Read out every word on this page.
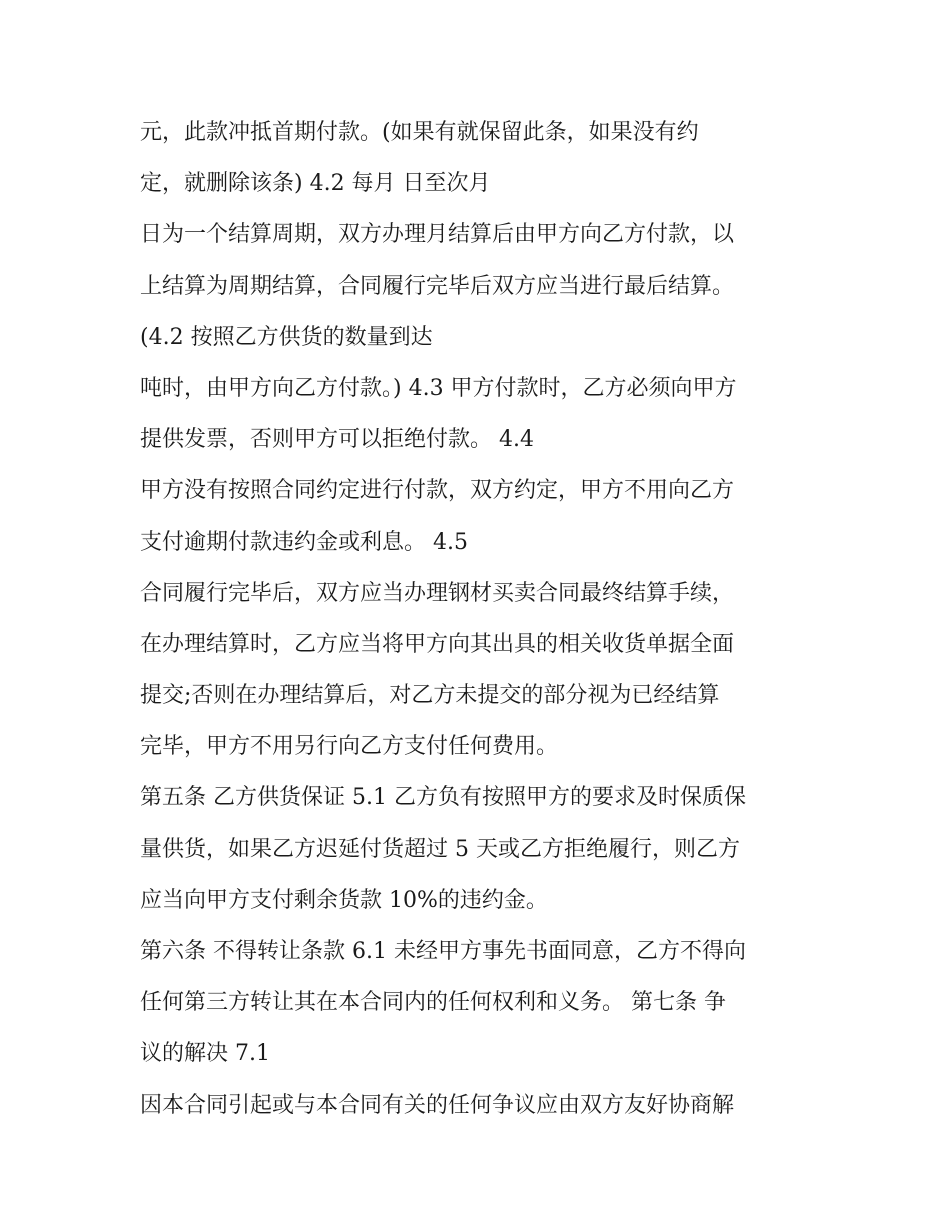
元，此款冲抵首期付款。(如果有就保留此条，如果没有约
定，就删除该条) 4.2 每月 日至次月
日为一个结算周期，双方办理月结算后由甲方向乙方付款，以
上结算为周期结算，合同履行完毕后双方应当进行最后结算。
(4.2 按照乙方供货的数量到达
吨时，由甲方向乙方付款。) 4.3 甲方付款时，乙方必须向甲方
提供发票，否则甲方可以拒绝付款。 4.4
甲方没有按照合同约定进行付款，双方约定，甲方不用向乙方
支付逾期付款违约金或利息。 4.5
合同履行完毕后，双方应当办理钢材买卖合同最终结算手续，
在办理结算时，乙方应当将甲方向其出具的相关收货单据全面
提交;否则在办理结算后，对乙方未提交的部分视为已经结算
完毕，甲方不用另行向乙方支付任何费用。
第五条 乙方供货保证 5.1 乙方负有按照甲方的要求及时保质保
量供货，如果乙方迟延付货超过 5 天或乙方拒绝履行，则乙方
应当向甲方支付剩余货款 10%的违约金。
第六条 不得转让条款 6.1 未经甲方事先书面同意，乙方不得向
任何第三方转让其在本合同内的任何权利和义务。 第七条 争
议的解决 7.1
因本合同引起或与本合同有关的任何争议应由双方友好协商解
